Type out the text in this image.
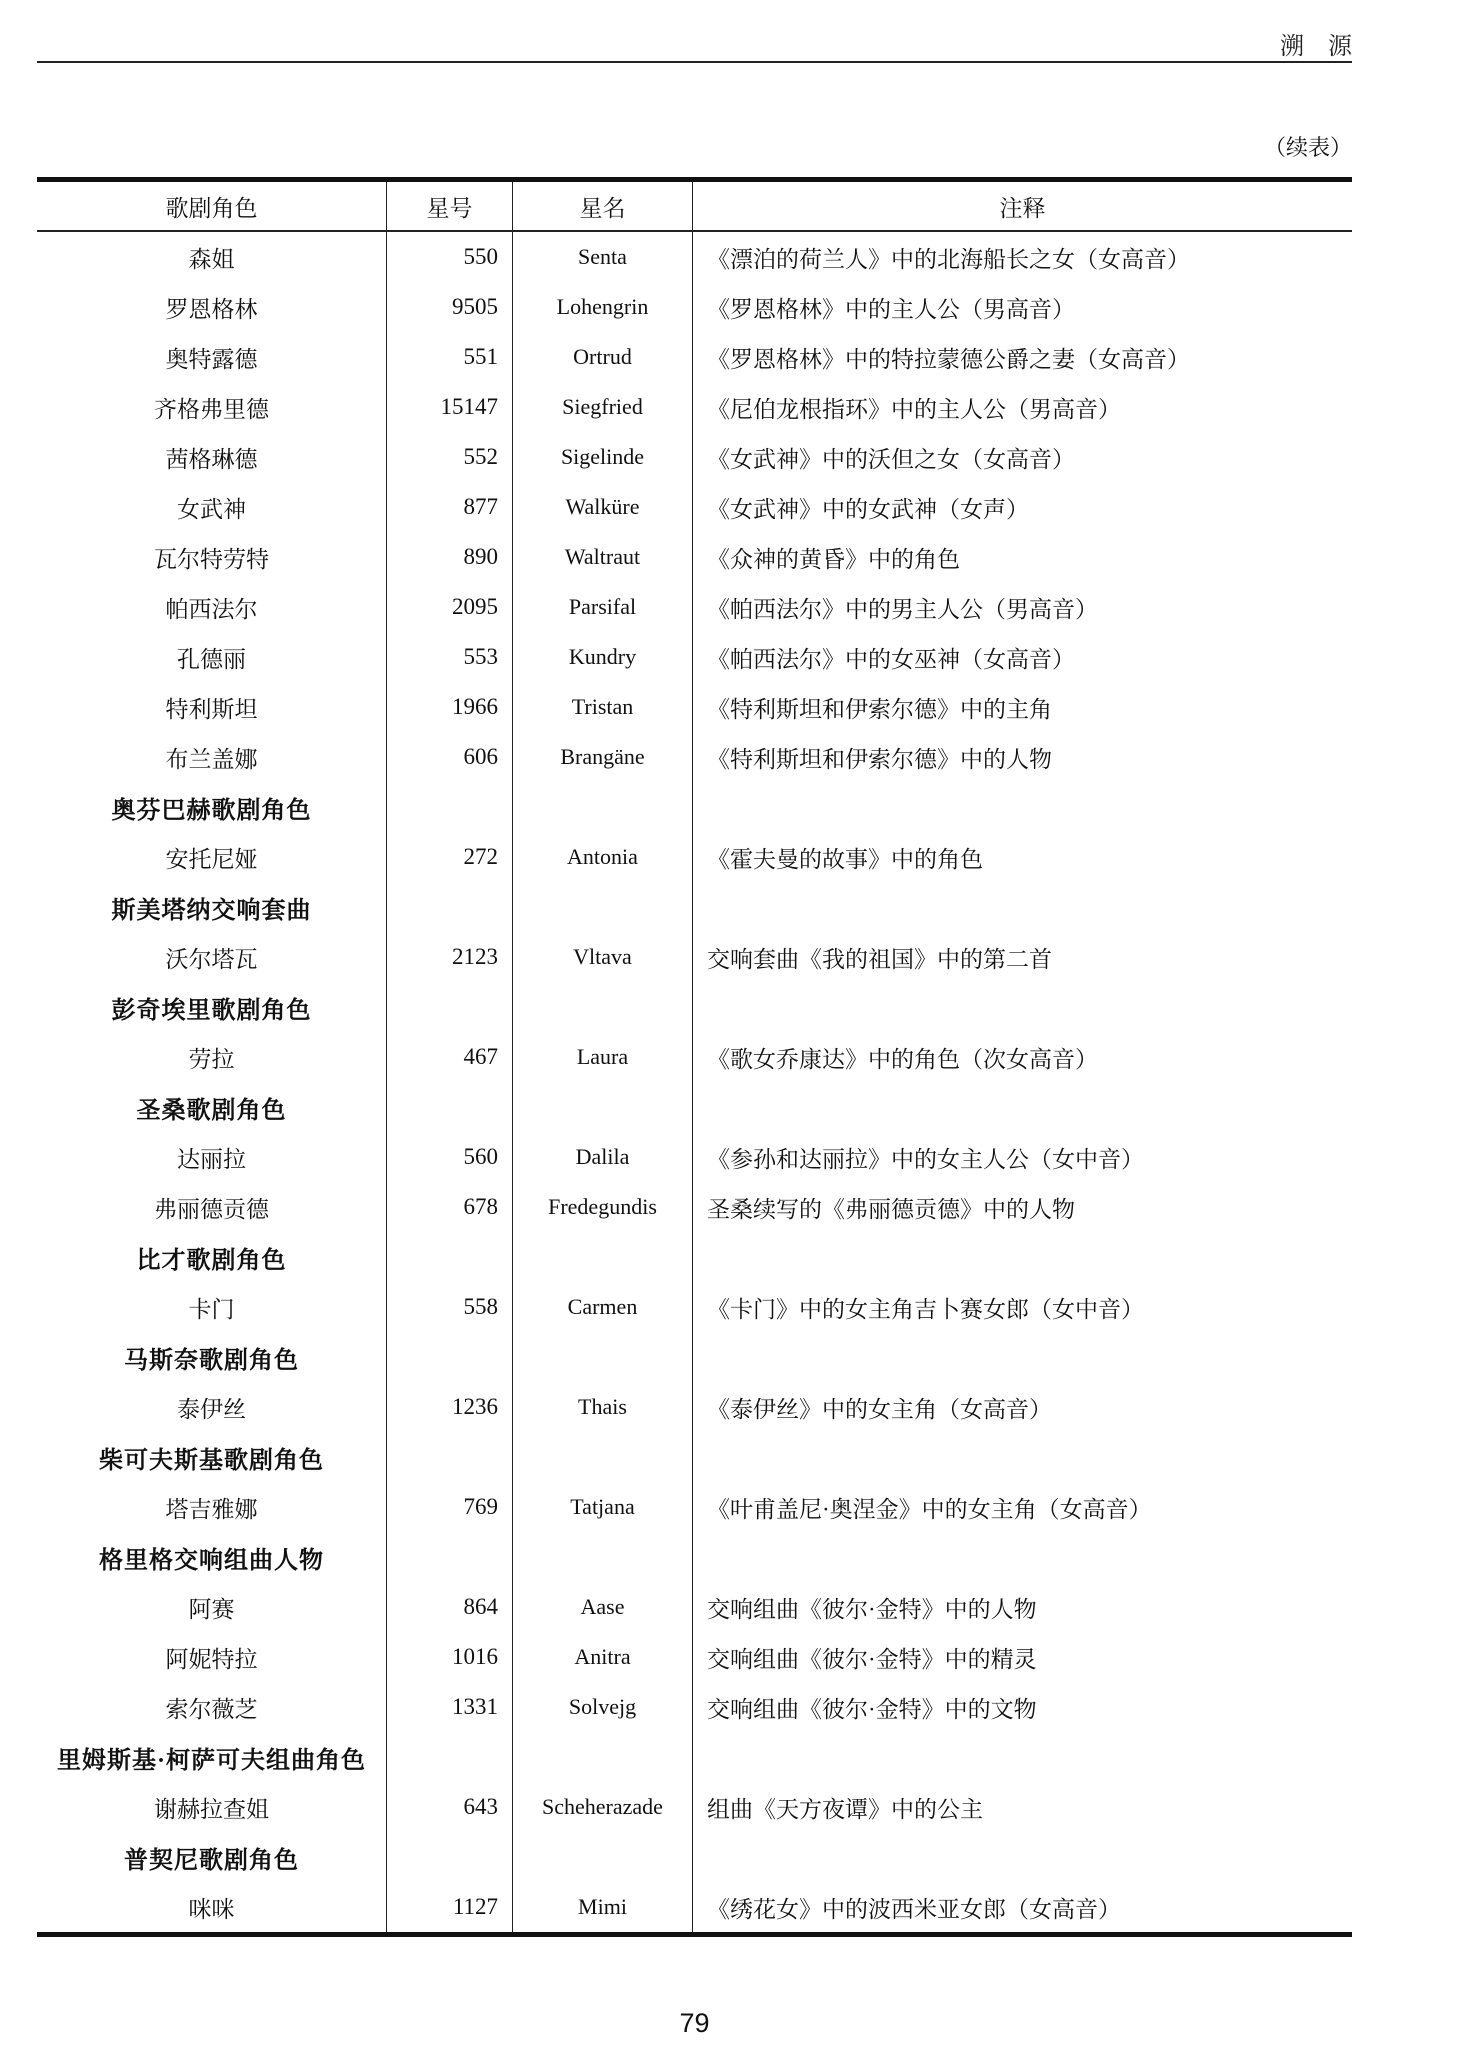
溯　源
（续表）
歌剧角色	星号	星名	注释
森姐	550	Senta	《漂泊的荷兰人》中的北海船长之女（女高音）
罗恩格林	9505	Lohengrin	《罗恩格林》中的主人公（男高音）
奥特露德	551	Ortrud	《罗恩格林》中的特拉蒙德公爵之妻（女高音）
齐格弗里德	15147	Siegfried	《尼伯龙根指环》中的主人公（男高音）
茜格琳德	552	Sigelinde	《女武神》中的沃但之女（女高音）
女武神	877	Walküre	《女武神》中的女武神（女声）
瓦尔特劳特	890	Waltraut	《众神的黄昏》中的角色
帕西法尔	2095	Parsifal	《帕西法尔》中的男主人公（男高音）
孔德丽	553	Kundry	《帕西法尔》中的女巫神（女高音）
特利斯坦	1966	Tristan	《特利斯坦和伊索尔德》中的主角
布兰盖娜	606	Brangäne	《特利斯坦和伊索尔德》中的人物
奥芬巴赫歌剧角色
安托尼娅	272	Antonia	《霍夫曼的故事》中的角色
斯美塔纳交响套曲
沃尔塔瓦	2123	Vltava	交响套曲《我的祖国》中的第二首
彭奇埃里歌剧角色
劳拉	467	Laura	《歌女乔康达》中的角色（次女高音）
圣桑歌剧角色
达丽拉	560	Dalila	《参孙和达丽拉》中的女主人公（女中音）
弗丽德贡德	678	Fredegundis	圣桑续写的《弗丽德贡德》中的人物
比才歌剧角色
卡门	558	Carmen	《卡门》中的女主角吉卜赛女郎（女中音）
马斯奈歌剧角色
泰伊丝	1236	Thais	《泰伊丝》中的女主角（女高音）
柴可夫斯基歌剧角色
塔吉雅娜	769	Tatjana	《叶甫盖尼·奥涅金》中的女主角（女高音）
格里格交响组曲人物
阿赛	864	Aase	交响组曲《彼尔·金特》中的人物
阿妮特拉	1016	Anitra	交响组曲《彼尔·金特》中的精灵
索尔薇芝	1331	Solvejg	交响组曲《彼尔·金特》中的文物
里姆斯基·柯萨可夫组曲角色
谢赫拉查姐	643	Scheherazade	组曲《天方夜谭》中的公主
普契尼歌剧角色
咪咪	1127	Mimi	《绣花女》中的波西米亚女郎（女高音）
79
